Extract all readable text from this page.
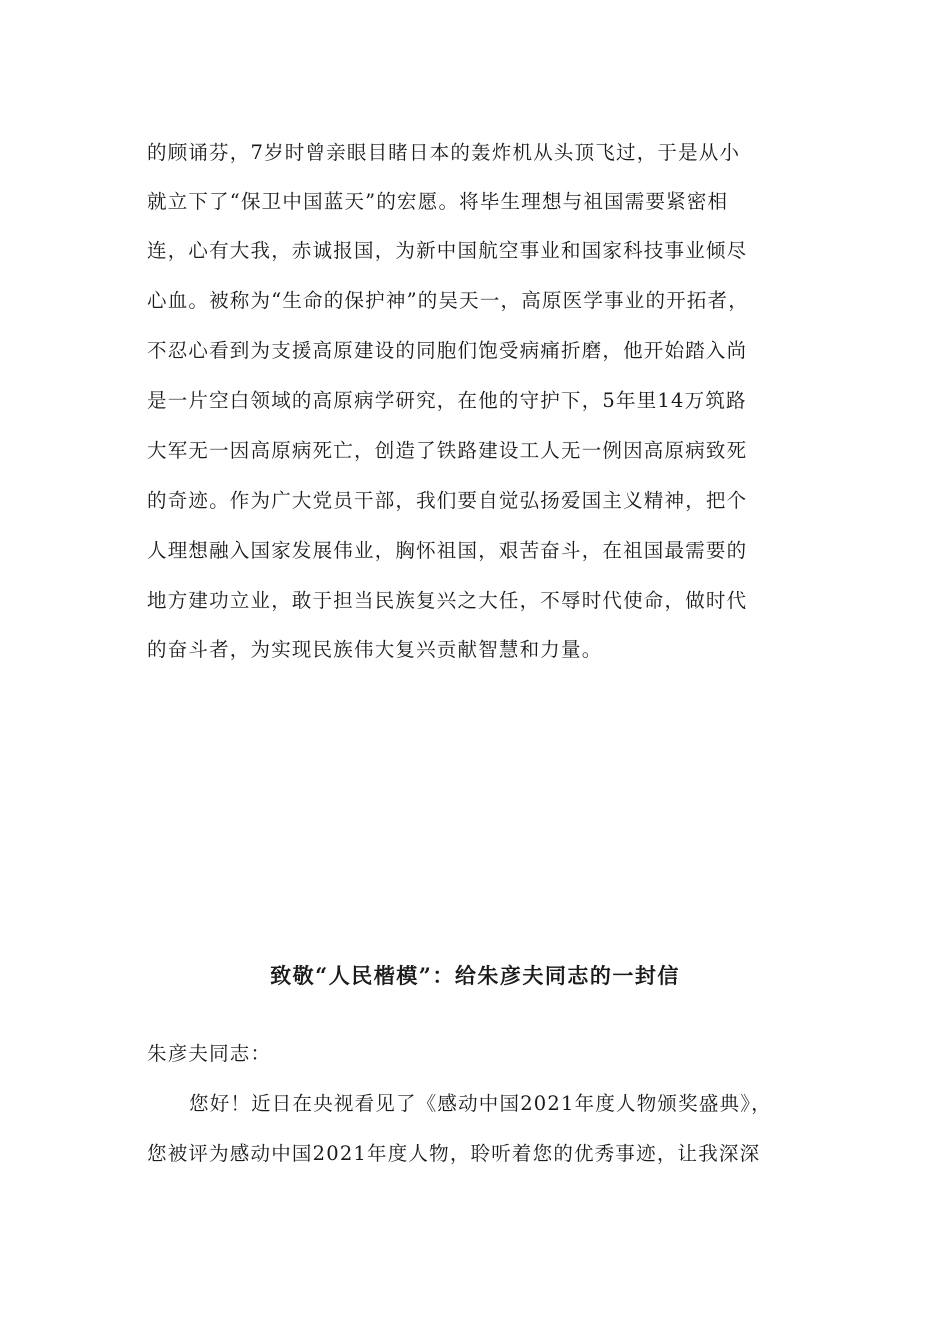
的顾诵芬，7岁时曾亲眼目睹日本的轰炸机从头顶飞过，于是从小
就立下了“保卫中国蓝天”的宏愿。将毕生理想与祖国需要紧密相
连，心有大我，赤诚报国，为新中国航空事业和国家科技事业倾尽
心血。被称为“生命的保护神”的吴天一，高原医学事业的开拓者，
不忍心看到为支援高原建设的同胞们饱受病痛折磨，他开始踏入尚
是一片空白领域的高原病学研究，在他的守护下，5年里14万筑路
大军无一因高原病死亡，创造了铁路建设工人无一例因高原病致死
的奇迹。作为广大党员干部，我们要自觉弘扬爱国主义精神，把个
人理想融入国家发展伟业，胸怀祖国，艰苦奋斗，在祖国最需要的
地方建功立业，敢于担当民族复兴之大任，不辱时代使命，做时代
的奋斗者，为实现民族伟大复兴贡献智慧和力量。
致敬“人民楷模”：给朱彦夫同志的一封信
朱彦夫同志：
您好！近日在央视看见了《感动中国2021年度人物颁奖盛典》，
您被评为感动中国2021年度人物，聆听着您的优秀事迹，让我深深
